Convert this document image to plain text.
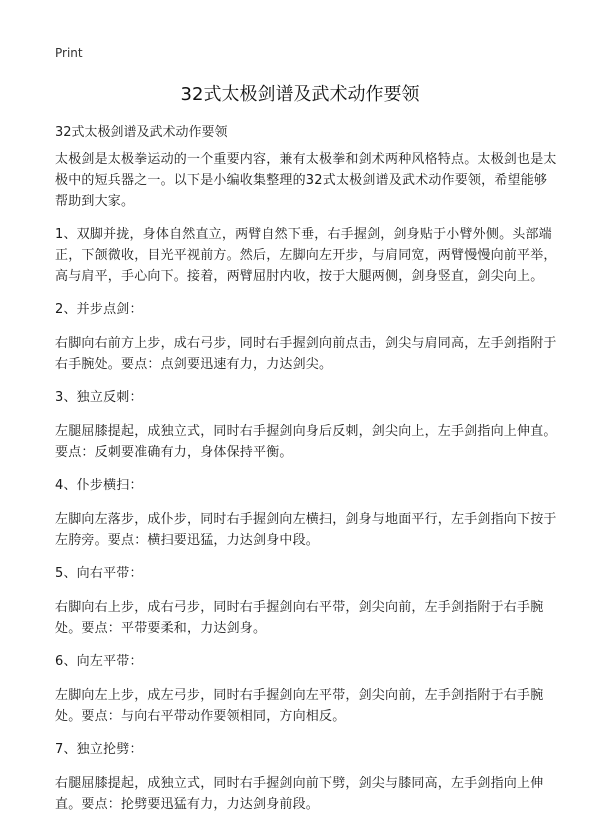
Print
32式太极剑谱及武术动作要领

32式太极剑谱及武术动作要领

太极剑是太极拳运动的一个重要内容，兼有太极拳和剑术两种风格特点。太极剑也是太极中的短兵器之一。以下是小编收集整理的32式太极剑谱及武术动作要领，希望能够帮助到大家。

1、双脚并拢，身体自然直立，两臂自然下垂，右手握剑，剑身贴于小臂外侧。头部端正，下颌微收，目光平视前方。然后，左脚向左开步，与肩同宽，两臂慢慢向前平举，高与肩平，手心向下。接着，两臂屈肘内收，按于大腿两侧，剑身竖直，剑尖向上。

2、并步点剑：

右脚向右前方上步，成右弓步，同时右手握剑向前点击，剑尖与肩同高，左手剑指附于右手腕处。要点：点剑要迅速有力，力达剑尖。

3、独立反刺：

左腿屈膝提起，成独立式，同时右手握剑向身后反刺，剑尖向上，左手剑指向上伸直。要点：反刺要准确有力，身体保持平衡。

4、仆步横扫：

左脚向左落步，成仆步，同时右手握剑向左横扫，剑身与地面平行，左手剑指向下按于左胯旁。要点：横扫要迅猛，力达剑身中段。

5、向右平带：

右脚向右上步，成右弓步，同时右手握剑向右平带，剑尖向前，左手剑指附于右手腕处。要点：平带要柔和，力达剑身。

6、向左平带：

左脚向左上步，成左弓步，同时右手握剑向左平带，剑尖向前，左手剑指附于右手腕处。要点：与向右平带动作要领相同，方向相反。

7、独立抡劈：

右腿屈膝提起，成独立式，同时右手握剑向前下劈，剑尖与膝同高，左手剑指向上伸直。要点：抡劈要迅猛有力，力达剑身前段。
